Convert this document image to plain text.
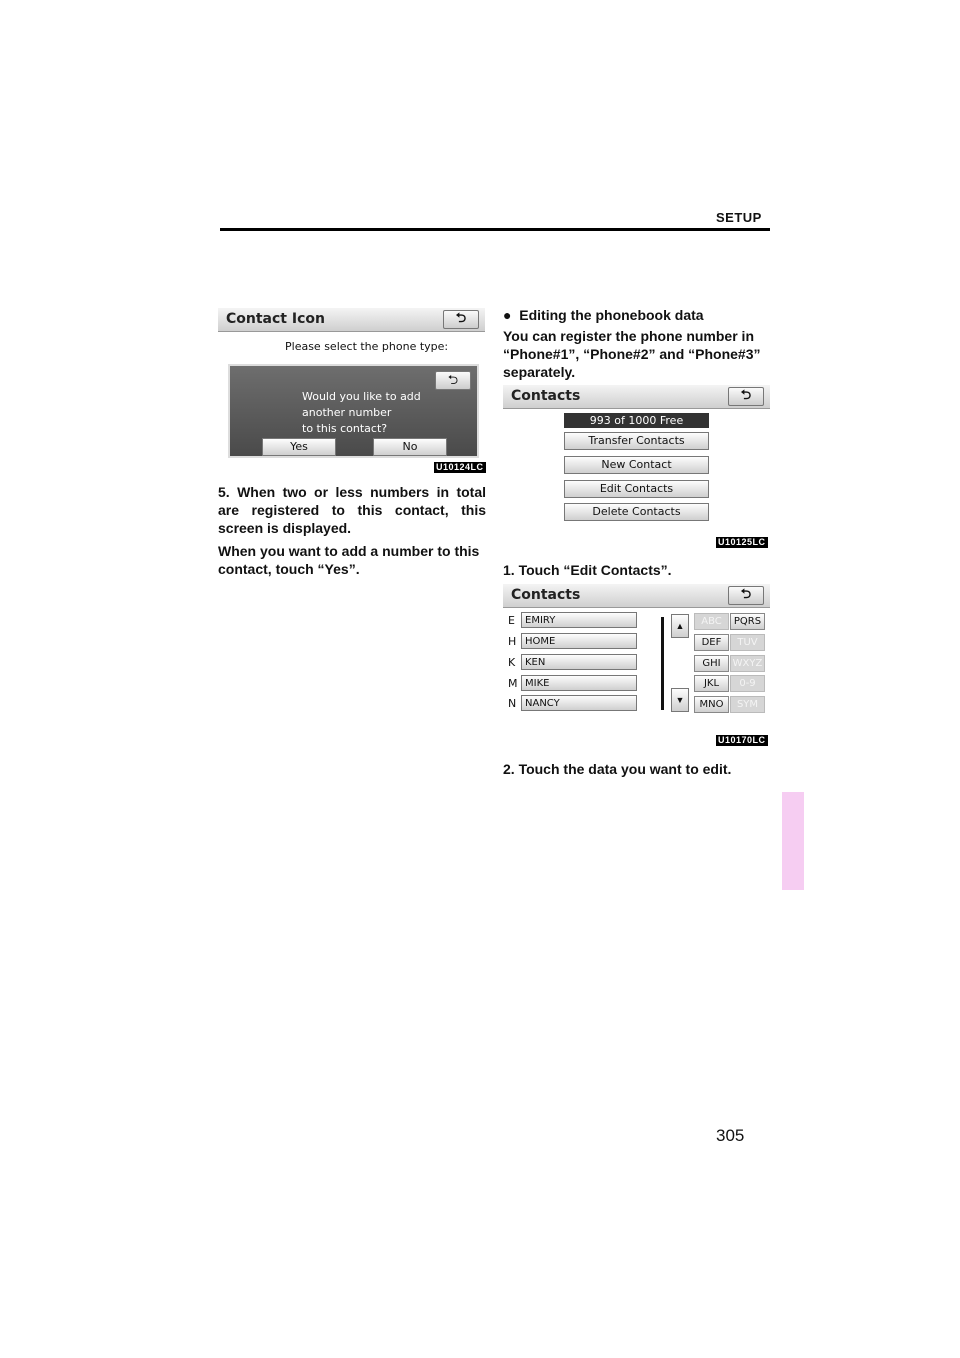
SETUP
305
Contact Icon	⮌
Please select the phone type:
⮌
Would you like to add
another number
to this contact?
Yes	No
U10124LC
5. When two or less numbers in total are registered to this contact, this screen is displayed.
When you want to add a number to this contact, touch “Yes”.
● Editing the phonebook data
You can register the phone number in “Phone#1”, “Phone#2” and “Phone#3” separately.
Contacts	⮌
993 of 1000 Free
Transfer Contacts
New Contact
Edit Contacts
Delete Contacts
U10125LC
1. Touch “Edit Contacts”.
Contacts	⮌
E	EMIRY
H HOME
K KEN
M MIKE
N NANCY
▲
▼
ABC	PQRS
DEF	TUV
GHI	WXYZ
JKL	0-9
MNO	SYM
U10170LC
2. Touch the data you want to edit.
